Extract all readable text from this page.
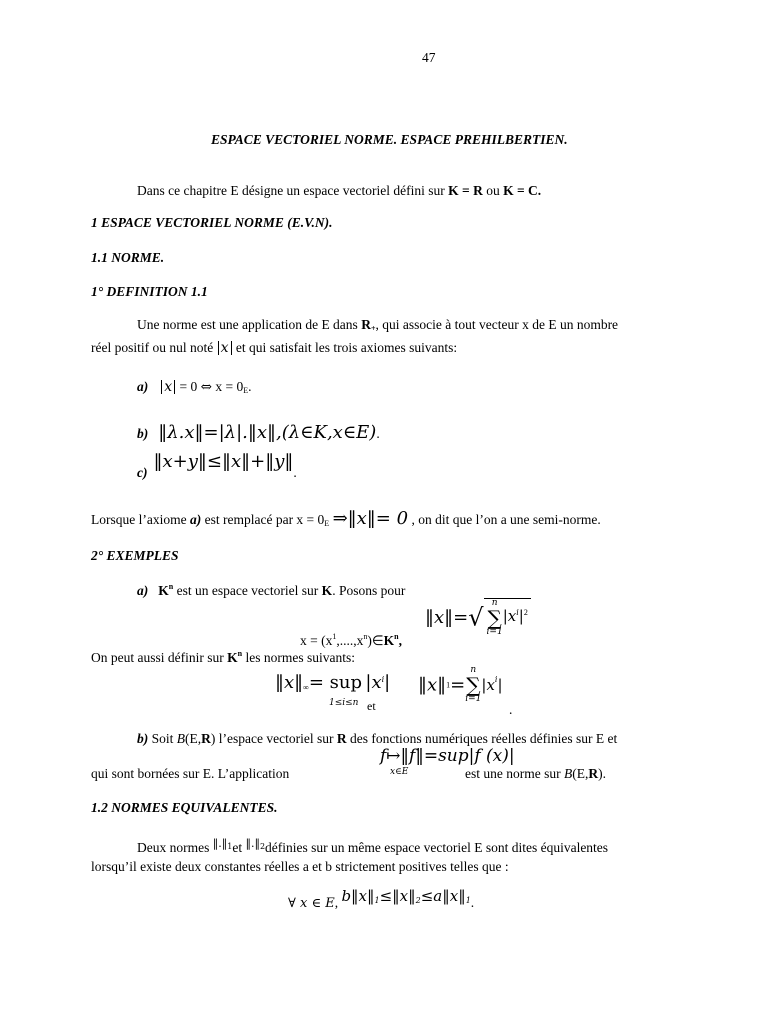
47
ESPACE VECTORIEL NORME. ESPACE PREHILBERTIEN.
Dans ce chapitre E désigne un espace vectoriel défini sur K = R ou K = C.
1 ESPACE VECTORIEL NORME (E.V.N).
1.1 NORME.
1° DEFINITION 1.1
Une norme est une application de E dans $R_+$, qui associe à tout vecteur x de E un nombre
réel positif ou nul noté x et qui satisfait les trois axiomes suivants:
a) x = 0 ⇔ $x = 0_E$.
b) ‖λ.x‖=|λ|.‖x‖,(λ∈K,x∈E).
c)‖x+y‖≤‖x‖+‖y‖.
Lorsque l’axiome a) est remplacé par $x = 0_E$ ⇒‖x‖= 0 , on dit que l’on a une semi-norme.
2° EXEMPLES
a) $K^n$ est un espace vectoriel sur K. Posons pour
‖x‖=√
n
∑
i=1
$|x^i|^2$
$x = (x^1,....,x^n)\in K^n$,
On peut aussi définir sur $K^n$ les normes suivants:
$‖x‖_\infty=$ sup $|x^i|$
1≤i≤n et
‖x‖1=
n
∑
i=1
$|x^i|$
.
b) Soit B(E,R) l’espace vectoriel sur R des fonctions numériques réelles définies sur E et
f↦‖f‖=sup|f (x)|
x∈E
qui sont bornées sur E. L’application	est une norme sur B(E,R).
1.2 NORMES EQUIVALENTES.
Deux normes $^{‖.‖_1}$et $^{‖.‖_2}$définies sur un même espace vectoriel E sont dites équivalentes
lorsqu’il existe deux constantes réelles a et b strictement positives telles que :
∀ x ∈ E, $b‖x‖_1\le‖x‖_2\le a‖x‖_1$.
